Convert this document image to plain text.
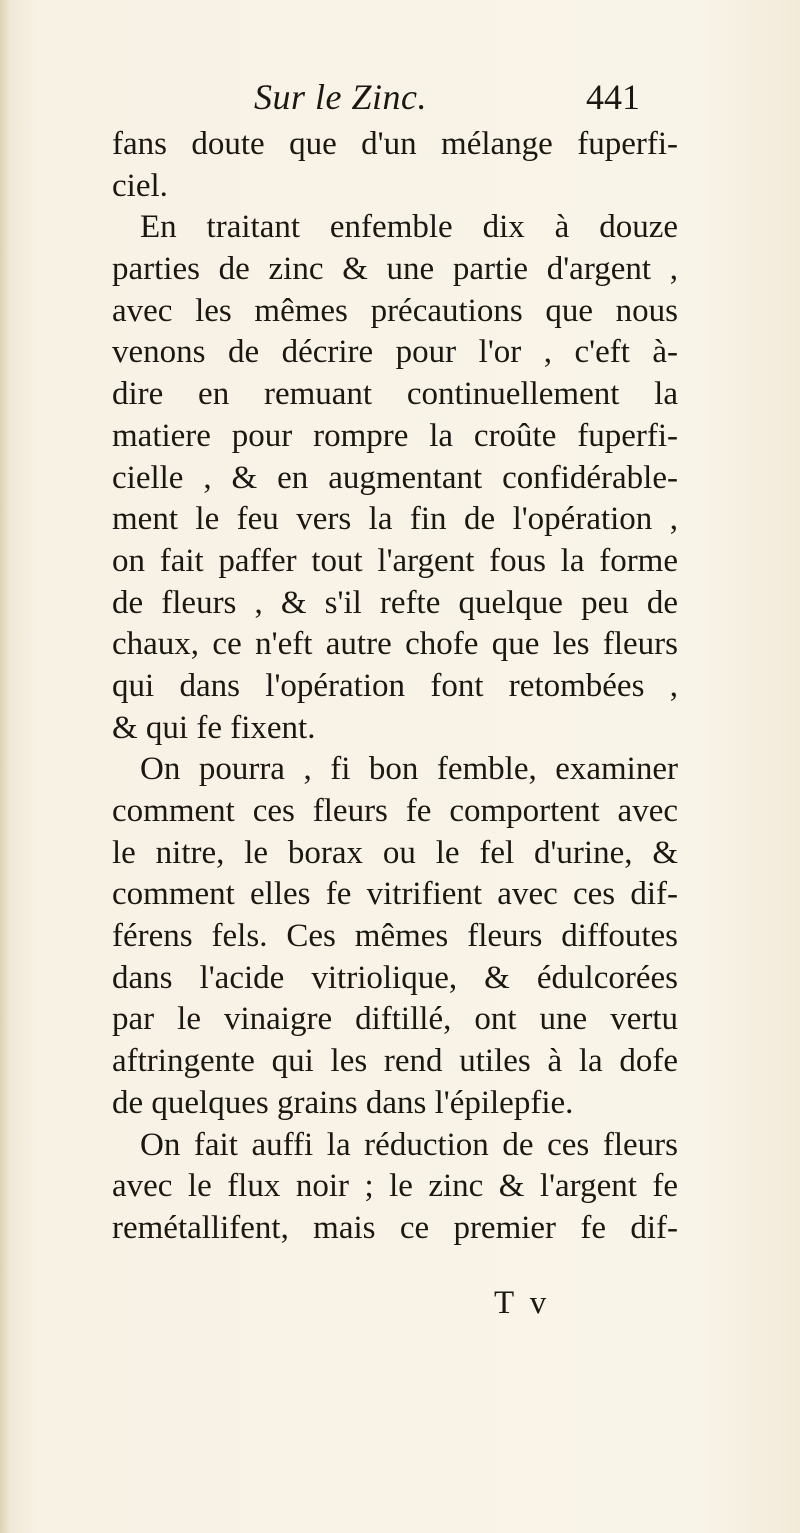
Sur le Zinc.	441
fans doute que d'un mélange fuperfi-
ciel.
En traitant enfemble dix à douze
parties de zinc & une partie d'argent ,
avec les mêmes précautions que nous
venons de décrire pour l'or , c'eft à-
dire en remuant continuellement la
matiere pour rompre la croûte fuperfi-
cielle , & en augmentant confidérable-
ment le feu vers la fin de l'opération ,
on fait paffer tout l'argent fous la forme
de fleurs , & s'il refte quelque peu de
chaux, ce n'eft autre chofe que les fleurs
qui dans l'opération font retombées ,
& qui fe fixent.
On pourra , fi bon femble, examiner
comment ces fleurs fe comportent avec
le nitre, le borax ou le fel d'urine, &
comment elles fe vitrifient avec ces dif-
férens fels. Ces mêmes fleurs diffoutes
dans l'acide vitriolique, & édulcorées
par le vinaigre diftillé, ont une vertu
aftringente qui les rend utiles à la dofe
de quelques grains dans l'épilepfie.
On fait auffi la réduction de ces fleurs
avec le flux noir ; le zinc & l'argent fe
remétallifent, mais ce premier fe dif-
T v
